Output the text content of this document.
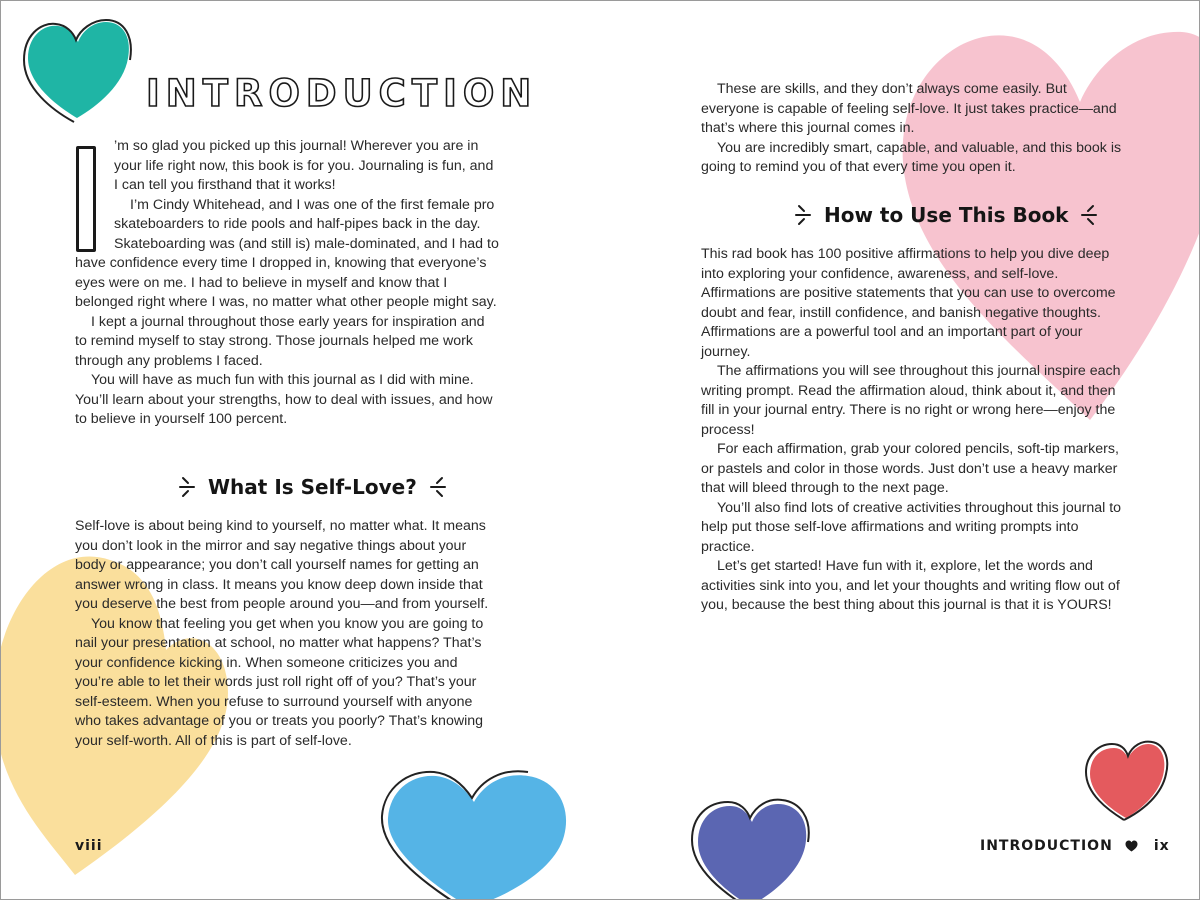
INTRODUCTION

’m so glad you picked up this journal! Wherever you are in your life right now, this book is for you. Journaling is fun, and I can tell you firsthand that it works!

I’m Cindy Whitehead, and I was one of the first female pro skateboarders to ride pools and half-pipes back in the day. Skateboarding was (and still is) male-dominated, and I had to have confidence every time I dropped in, knowing that everyone’s eyes were on me. I had to believe in myself and know that I belonged right where I was, no matter what other people might say.

I kept a journal throughout those early years for inspiration and to remind myself to stay strong. Those journals helped me work through any problems I faced.

You will have as much fun with this journal as I did with mine. You’ll learn about your strengths, how to deal with issues, and how to believe in yourself 100 percent.

What Is Self-Love?

Self-love is about being kind to yourself, no matter what. It means you don’t look in the mirror and say negative things about your body or appearance; you don’t call yourself names for getting an answer wrong in class. It means you know deep down inside that you deserve the best from people around you—and from yourself.

You know that feeling you get when you know you are going to nail your presentation at school, no matter what happens? That’s your confidence kicking in. When someone criticizes you and you’re able to let their words just roll right off of you? That’s your self-esteem. When you refuse to surround yourself with anyone who takes advantage of you or treats you poorly? That’s knowing your self-worth. All of this is part of self-love.

viii

These are skills, and they don’t always come easily. But everyone is capable of feeling self-love. It just takes practice—and that’s where this journal comes in.

You are incredibly smart, capable, and valuable, and this book is going to remind you of that every time you open it.

How to Use This Book

This rad book has 100 positive affirmations to help you dive deep into exploring your confidence, awareness, and self-love. Affirmations are positive statements that you can use to overcome doubt and fear, instill confidence, and banish negative thoughts. Affirmations are a powerful tool and an important part of your journey.

The affirmations you will see throughout this journal inspire each writing prompt. Read the affirmation aloud, think about it, and then fill in your journal entry. There is no right or wrong here—enjoy the process!

For each affirmation, grab your colored pencils, soft-tip markers, or pastels and color in those words. Just don’t use a heavy marker that will bleed through to the next page.

You’ll also find lots of creative activities throughout this journal to help put those self-love affirmations and writing prompts into practice.

Let’s get started! Have fun with it, explore, let the words and activities sink into you, and let your thoughts and writing flow out of you, because the best thing about this journal is that it is YOURS!

INTRODUCTION	ix
